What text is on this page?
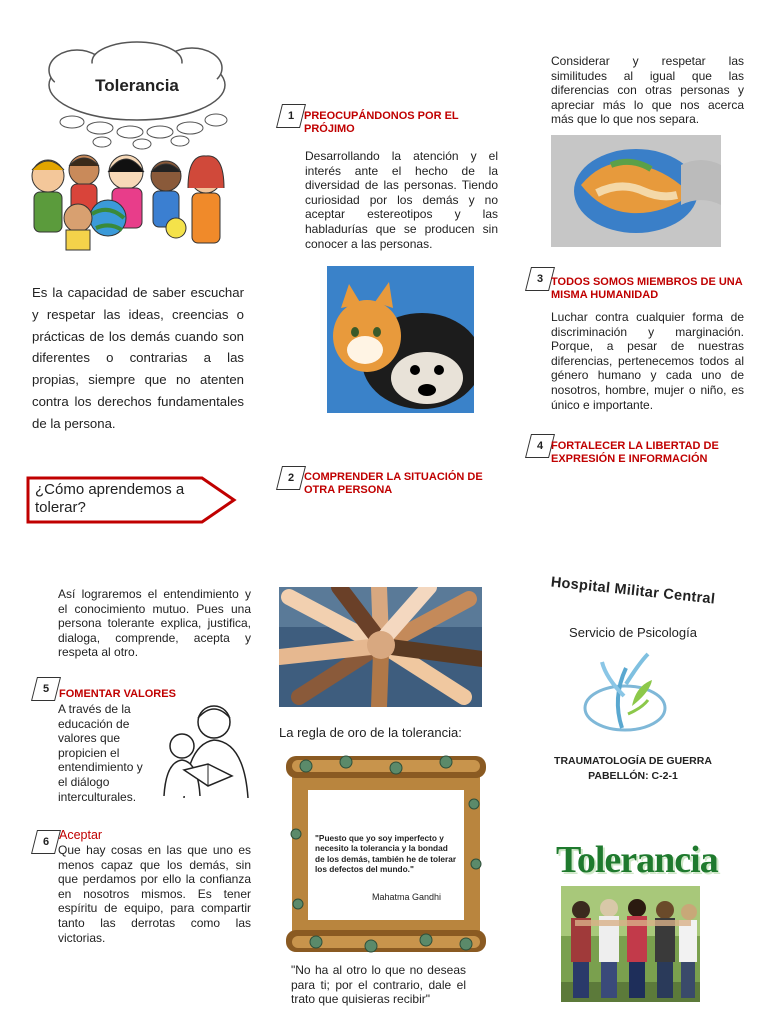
Tolerancia
Es la capacidad de saber escuchar y respetar las ideas, creencias o prácticas de los demás cuando son diferentes o contrarias a las propias, siempre que no atenten contra los derechos fundamentales de la persona.
¿Cómo aprendemos a tolerar?
Así lograremos el entendimiento y el conocimiento mutuo. Pues una persona tolerante explica, justifica, dialoga, comprende, acepta y respeta al otro.
5 FOMENTAR VALORES
A través de la educación de valores que propicien el entendimiento y el diálogo interculturales.
6 Aceptar
Que hay cosas en las que uno es menos capaz que los demás, sin que perdamos por ello la confianza en nosotros mismos. Es tener espíritu de equipo, para compartir tanto las derrotas como las victorias.
1 PREOCUPÁNDONOS POR EL PRÓJIMO
Desarrollando la atención y el interés ante el hecho de la diversidad de las personas. Tiendo curiosidad por los demás y no aceptar estereotipos y las habladurías que se producen sin conocer a las personas.
2 COMPRENDER LA SITUACIÓN DE OTRA PERSONA
La regla de oro de la tolerancia:
"Puesto que yo soy imperfecto y necesito la tolerancia y la bondad de los demás, también he de tolerar los defectos del mundo."
Mahatma Gandhi
"No ha al otro lo que no deseas para ti; por el contrario, dale el trato que quisieras recibir"
Considerar y respetar las similitudes al igual que las diferencias con otras personas y apreciar más lo que nos acerca más que lo que nos separa.
3 TODOS SOMOS MIEMBROS DE UNA MISMA HUMANIDAD
Luchar contra cualquier forma de discriminación y marginación. Porque, a pesar de nuestras diferencias, pertenecemos todos al género humano y cada uno de nosotros, hombre, mujer o niño, es único e importante.
4 FORTALECER LA LIBERTAD DE EXPRESIÓN E INFORMACIÓN
Hospital Militar Central
Servicio de Psicología
TRAUMATOLOGÍA DE GUERRA
PABELLÓN: C-2-1
Tolerancia
